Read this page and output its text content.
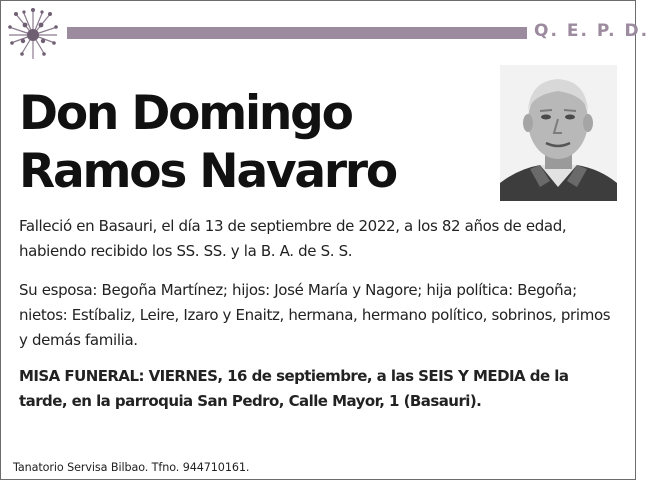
Q. E. P. D.
Don Domingo
Ramos Navarro
Falleció en Basauri, el día 13 de septiembre de 2022, a los 82 años de edad, habiendo recibido los SS. SS. y la B. A. de S. S.
Su esposa: Begoña Martínez; hijos: José María y Nagore; hija política: Begoña; nietos: Estíbaliz, Leire, Izaro y Enaitz, hermana, hermano político, sobrinos, primos y demás familia.
MISA FUNERAL: VIERNES, 16 de septiembre, a las SEIS Y MEDIA de la tarde, en la parroquia San Pedro, Calle Mayor, 1 (Basauri).
Tanatorio Servisa Bilbao. Tfno. 944710161.
